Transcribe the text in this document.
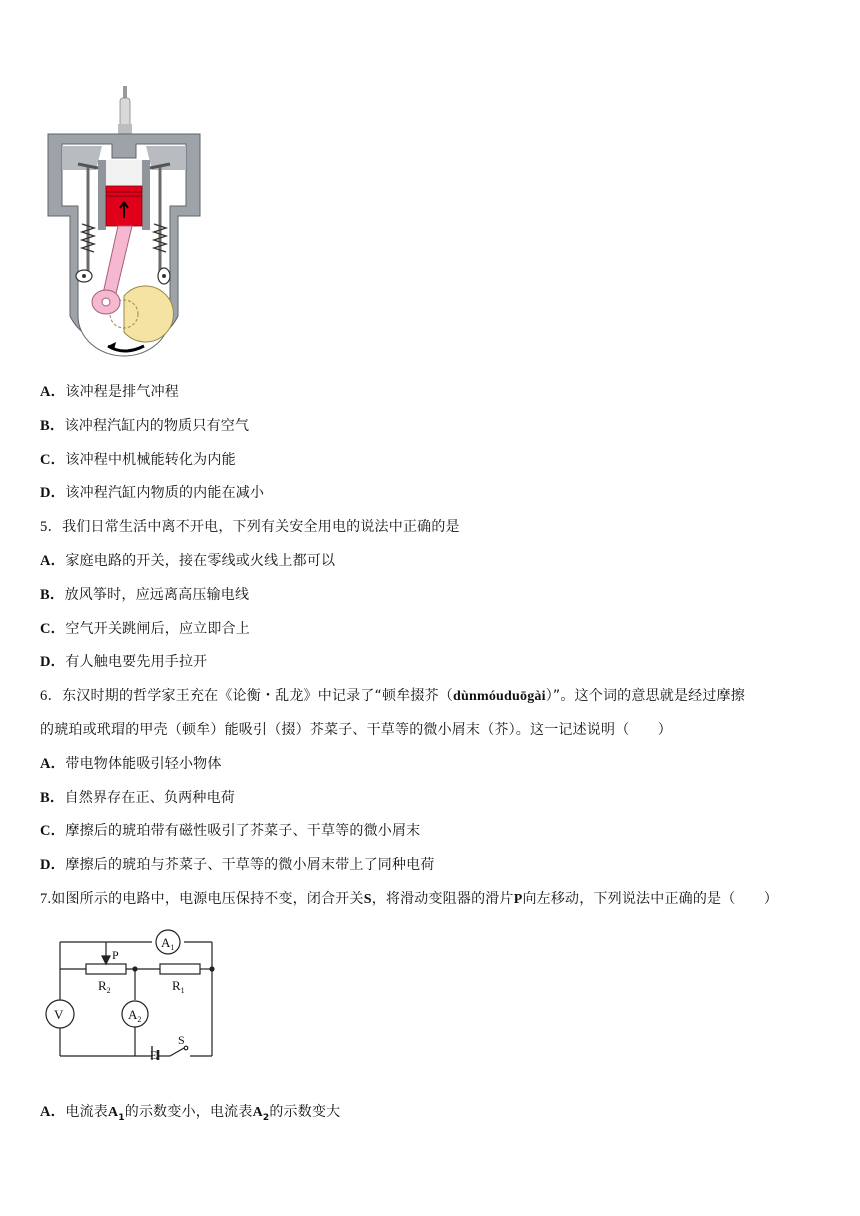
A．该冲程是排气冲程
B．该冲程汽缸内的物质只有空气
C．该冲程中机械能转化为内能
D．该冲程汽缸内物质的内能在减小
5．我们日常生活中离不开电，下列有关安全用电的说法中正确的是
A．家庭电路的开关，接在零线或火线上都可以
B．放风筝时，应远离高压输电线
C．空气开关跳闸后，应立即合上
D．有人触电要先用手拉开
6．东汉时期的哲学家王充在《论衡・乱龙》中记录了“顿牟掇芥（dùnmóuduōgài）”。这个词的意思就是经过摩擦
的琥珀或玳瑁的甲壳（顿牟）能吸引（掇）芥菜子、干草等的微小屑末（芥）。这一记述说明（　　）
A．带电物体能吸引轻小物体
B．自然界存在正、负两种电荷
C．摩擦后的琥珀带有磁性吸引了芥菜子、干草等的微小屑末
D．摩擦后的琥珀与芥菜子、干草等的微小屑末带上了同种电荷
7.如图所示的电路中，电源电压保持不变，闭合开关S，将滑动变阻器的滑片P向左移动，下列说法中正确的是（　　）
$A_1$
P
$R_2$	$R_1$
V	$A_2$
E
S
A．电流表$A_1$的示数变小，电流表$A_2$的示数变大
